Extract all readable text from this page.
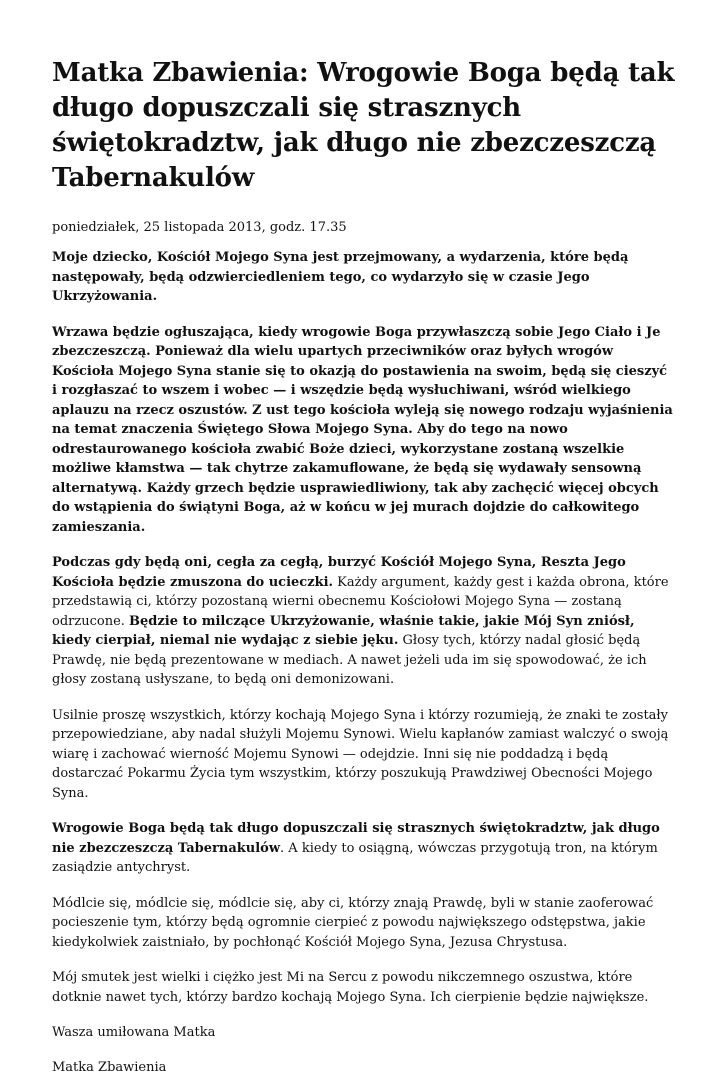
Matka Zbawienia: Wrogowie Boga będą tak długo dopuszczali się strasznych świętokradztw, jak długo nie zbezczeszczą Tabernakulów
poniedziałek, 25 listopada 2013, godz. 17.35

Moje dziecko, Kościół Mojego Syna jest przejmowany, a wydarzenia, które będą następowały, będą odzwierciedleniem tego, co wydarzyło się w czasie Jego Ukrzyżowania.

Wrzawa będzie ogłuszająca, kiedy wrogowie Boga przywłaszczą sobie Jego Ciało i Je zbezczeszczą. Ponieważ dla wielu upartych przeciwników oraz byłych wrogów Kościoła Mojego Syna stanie się to okazją do postawienia na swoim, będą się cieszyć i rozgłaszać to wszem i wobec — i wszędzie będą wysłuchiwani, wśród wielkiego aplauzu na rzecz oszustów. Z ust tego kościoła wyleją się nowego rodzaju wyjaśnienia na temat znaczenia Świętego Słowa Mojego Syna. Aby do tego na nowo odrestaurowanego kościoła zwabić Boże dzieci, wykorzystane zostaną wszelkie możliwe kłamstwa — tak chytrze zakamuflowane, że będą się wydawały sensowną alternatywą. Każdy grzech będzie usprawiedliwiony, tak aby zachęcić więcej obcych do wstąpienia do świątyni Boga, aż w końcu w jej murach dojdzie do całkowitego zamieszania.

Podczas gdy będą oni, cegła za cegłą, burzyć Kościół Mojego Syna, Reszta Jego Kościoła będzie zmuszona do ucieczki. Każdy argument, każdy gest i każda obrona, które przedstawią ci, którzy pozostaną wierni obecnemu Kościołowi Mojego Syna — zostaną odrzucone. Będzie to milczące Ukrzyżowanie, właśnie takie, jakie Mój Syn zniósł, kiedy cierpiał, niemal nie wydając z siebie jęku. Głosy tych, którzy nadal głosić będą Prawdę, nie będą prezentowane w mediach. A nawet jeżeli uda im się spowodować, że ich głosy zostaną usłyszane, to będą oni demonizowani.

Usilnie proszę wszystkich, którzy kochają Mojego Syna i którzy rozumieją, że znaki te zostały przepowiedziane, aby nadal służyli Mojemu Synowi. Wielu kapłanów zamiast walczyć o swoją wiarę i zachować wierność Mojemu Synowi — odejdzie. Inni się nie poddadzą i będą dostarczać Pokarmu Życia tym wszystkim, którzy poszukują Prawdziwej Obecności Mojego Syna.

Wrogowie Boga będą tak długo dopuszczali się strasznych świętokradztw, jak długo nie zbezczeszczą Tabernakulów. A kiedy to osiągną, wówczas przygotują tron, na którym zasiądzie antychryst.

Módlcie się, módlcie się, módlcie się, aby ci, którzy znają Prawdę, byli w stanie zaoferować pocieszenie tym, którzy będą ogromnie cierpieć z powodu największego odstępstwa, jakie kiedykolwiek zaistniało, by pochłonąć Kościół Mojego Syna, Jezusa Chrystusa.

Mój smutek jest wielki i ciężko jest Mi na Sercu z powodu nikczemnego oszustwa, które dotknie nawet tych, którzy bardzo kochają Mojego Syna. Ich cierpienie będzie największe.

Wasza umiłowana Matka

Matka Zbawienia
